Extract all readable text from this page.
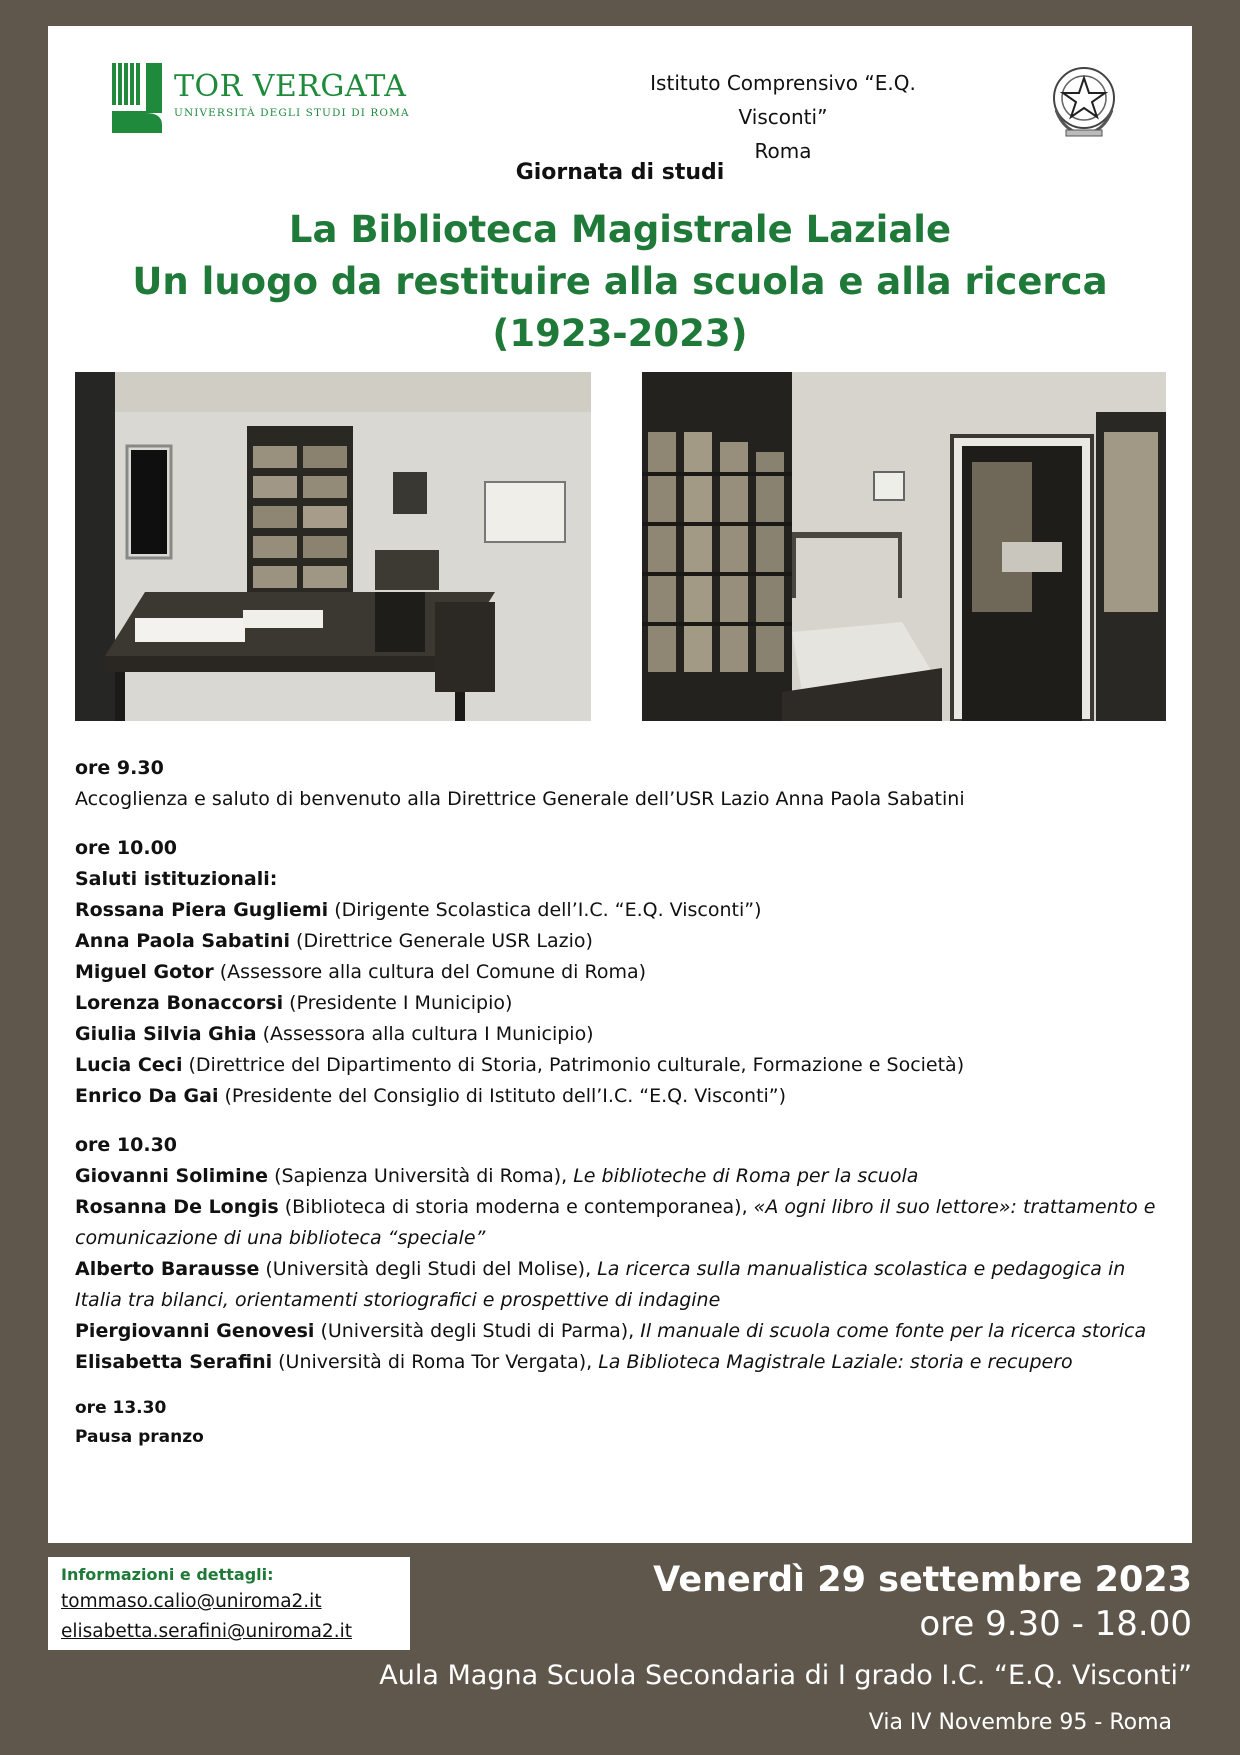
TOR VERGATA
UNIVERSITÀ DEGLI STUDI DI ROMA
Istituto Comprensivo “E.Q. Visconti”
Roma
Giornata di studi
La Biblioteca Magistrale Laziale
Un luogo da restituire alla scuola e alla ricerca
(1923-2023)
ore 9.30
Accoglienza e saluto di benvenuto alla Direttrice Generale dell’USR Lazio Anna Paola Sabatini
ore 10.00
Saluti istituzionali:
Rossana Piera Gugliemi (Dirigente Scolastica dell’I.C. “E.Q. Visconti”)
Anna Paola Sabatini (Direttrice Generale USR Lazio)
Miguel Gotor (Assessore alla cultura del Comune di Roma)
Lorenza Bonaccorsi (Presidente I Municipio)
Giulia Silvia Ghia (Assessora alla cultura I Municipio)
Lucia Ceci (Direttrice del Dipartimento di Storia, Patrimonio culturale, Formazione e Società)
Enrico Da Gai (Presidente del Consiglio di Istituto dell’I.C. “E.Q. Visconti”)
ore 10.30
Giovanni Solimine (Sapienza Università di Roma), Le biblioteche di Roma per la scuola
Rosanna De Longis (Biblioteca di storia moderna e contemporanea), «A ogni libro il suo lettore»: trattamento e comunicazione di una biblioteca “speciale”
Alberto Barausse (Università degli Studi del Molise), La ricerca sulla manualistica scolastica e pedagogica in Italia tra bilanci, orientamenti storiografici e prospettive di indagine
Piergiovanni Genovesi (Università degli Studi di Parma), Il manuale di scuola come fonte per la ricerca storica
Elisabetta Serafini (Università di Roma Tor Vergata), La Biblioteca Magistrale Laziale: storia e recupero
ore 13.30
Pausa pranzo
Informazioni e dettagli:
tommaso.calio@uniroma2.it
elisabetta.serafini@uniroma2.it
Venerdì 29 settembre 2023
ore 9.30 - 18.00
Aula Magna Scuola Secondaria di I grado I.C. “E.Q. Visconti”
Via IV Novembre 95 - Roma
